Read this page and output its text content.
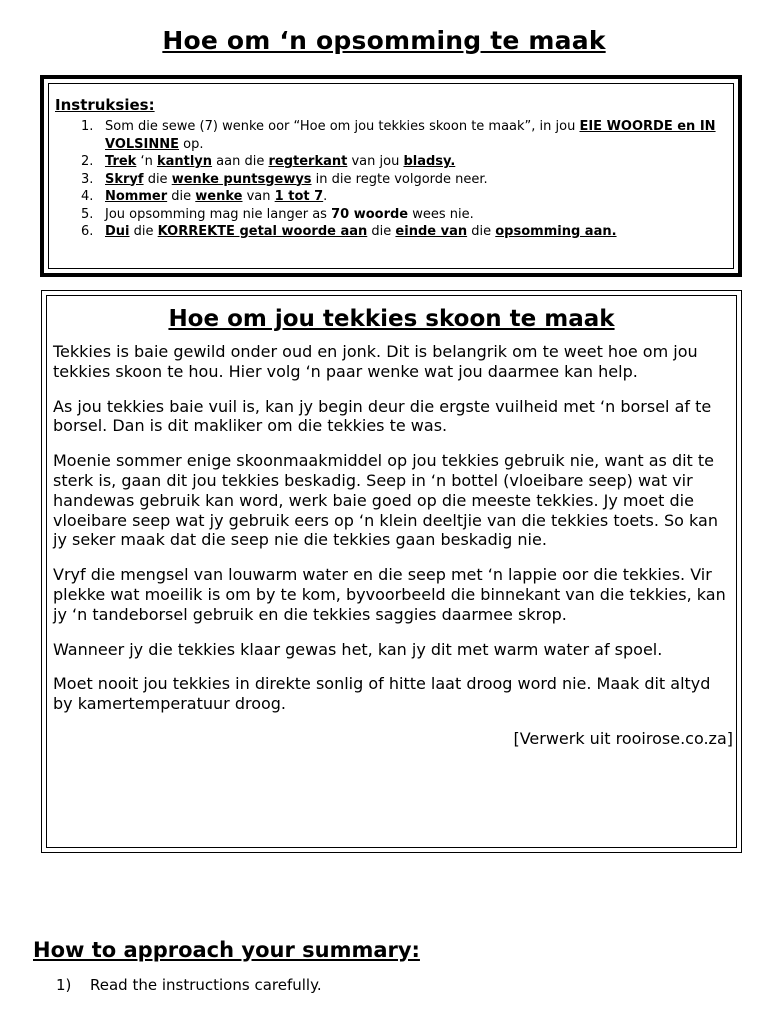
Hoe om ‘n opsomming te maak
Instruksies:
1. Som die sewe (7) wenke oor “Hoe om jou tekkies skoon te maak”, in jou EIE WOORDE en IN VOLSINNE op.
2. Trek ‘n kantlyn aan die regterkant van jou bladsy.
3. Skryf die wenke puntsgewys in die regte volgorde neer.
4. Nommer die wenke van 1 tot 7.
5. Jou opsomming mag nie langer as 70 woorde wees nie.
6. Dui die KORREKTE getal woorde aan die einde van die opsomming aan.
Hoe om jou tekkies skoon te maak

Tekkies is baie gewild onder oud en jonk. Dit is belangrik om te weet hoe om jou tekkies skoon te hou. Hier volg ‘n paar wenke wat jou daarmee kan help.

As jou tekkies baie vuil is, kan jy begin deur die ergste vuilheid met ‘n borsel af te borsel. Dan is dit makliker om die tekkies te was.

Moenie sommer enige skoonmaakmiddel op jou tekkies gebruik nie, want as dit te sterk is, gaan dit jou tekkies beskadig. Seep in ‘n bottel (vloeibare seep) wat vir handewas gebruik kan word, werk baie goed op die meeste tekkies. Jy moet die vloeibare seep wat jy gebruik eers op ‘n klein deeltjie van die tekkies toets. So kan jy seker maak dat die seep nie die tekkies gaan beskadig nie.

Vryf die mengsel van louwarm water en die seep met ‘n lappie oor die tekkies. Vir plekke wat moeilik is om by te kom, byvoorbeeld die binnekant van die tekkies, kan jy ‘n tandeborsel gebruik en die tekkies saggies daarmee skrop.

Wanneer jy die tekkies klaar gewas het, kan jy dit met warm water af spoel.

Moet nooit jou tekkies in direkte sonlig of hitte laat droog word nie. Maak dit altyd by kamertemperatuur droog.

[Verwerk uit rooirose.co.za]

How to approach your summary:
1) Read the instructions carefully.
